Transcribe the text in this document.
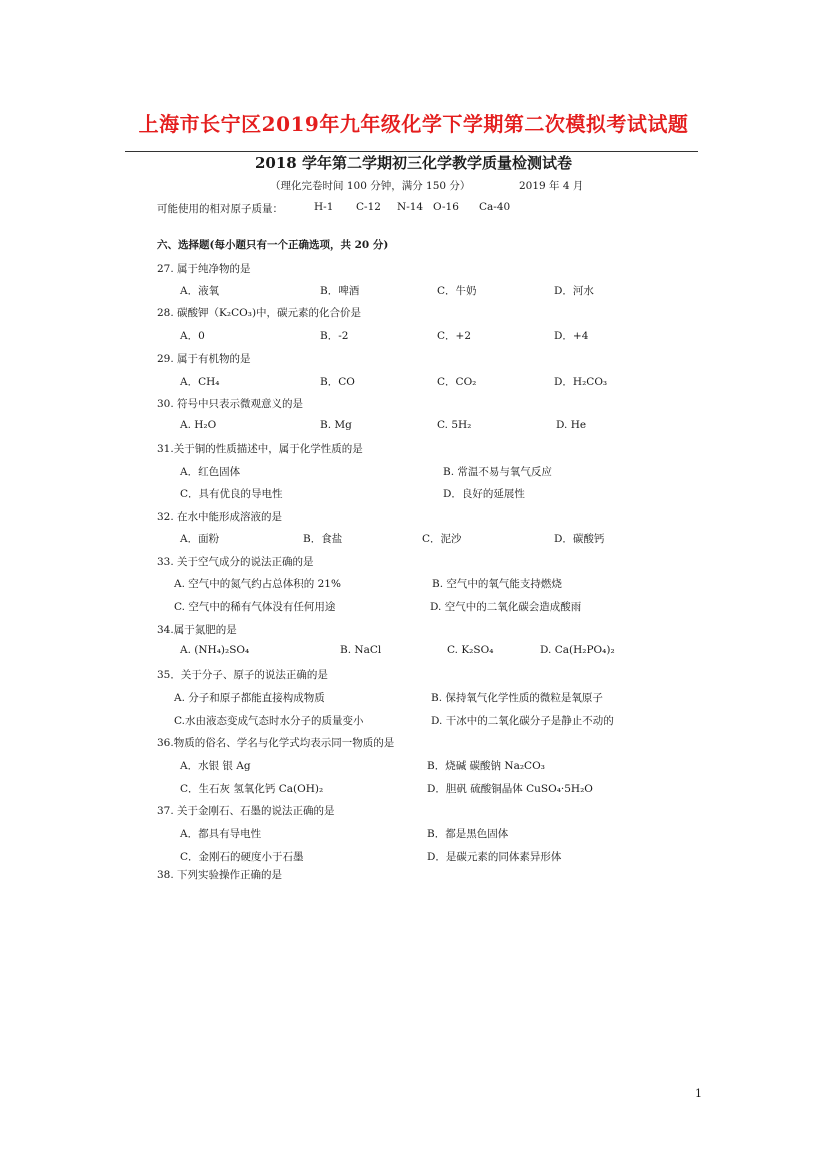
上海市长宁区2019年九年级化学下学期第二次模拟考试试题
2018 学年第二学期初三化学教学质量检测试卷
（理化完卷时间 100 分钟，满分 150 分）	2019 年 4 月
可能使用的相对原子质量：	H-1 C-12 N-14 O-16 Ca-40
六、选择题(每小题只有一个正确选项，共 20 分)
27. 属于纯净物的是
A．液氧	B．啤酒	C．牛奶	D．河水
28. 碳酸钾（K₂CO₃)中，碳元素的化合价是
A．0	B．-2	C．+2	D．+4
29. 属于有机物的是
A．CH₄	B．CO	C．CO₂	D．H₂CO₃
30. 符号中只表示微观意义的是
A. H₂O	B. Mg	C. 5H₂	D. He
31.关于铜的性质描述中，属于化学性质的是
A．红色固体	B. 常温不易与氧气反应
C．具有优良的导电性	D．良好的延展性
32. 在水中能形成溶液的是
A．面粉	B．食盐	C．泥沙	D．碳酸钙
33. 关于空气成分的说法正确的是
A. 空气中的氮气约占总体积的 21%	B. 空气中的氧气能支持燃烧
C. 空气中的稀有气体没有任何用途	D. 空气中的二氧化碳会造成酸雨
34.属于氮肥的是
A. (NH₄)₂SO₄	B. NaCl	C. K₂SO₄	D. Ca(H₂PO₄)₂
35．关于分子、原子的说法正确的是
A. 分子和原子都能直接构成物质	B. 保持氧气化学性质的微粒是氧原子
C.水由液态变成气态时水分子的质量变小	D. 干冰中的二氧化碳分子是静止不动的
36.物质的俗名、学名与化学式均表示同一物质的是
A．水银 银 Ag	B．烧碱 碳酸钠 Na₂CO₃
C．生石灰 氢氧化钙 Ca(OH)₂	D．胆矾 硫酸铜晶体 CuSO₄·5H₂O
37. 关于金刚石、石墨的说法正确的是
A．都具有导电性	B．都是黑色固体
C．金刚石的硬度小于石墨	D．是碳元素的同体素异形体
38. 下列实验操作正确的是
1
